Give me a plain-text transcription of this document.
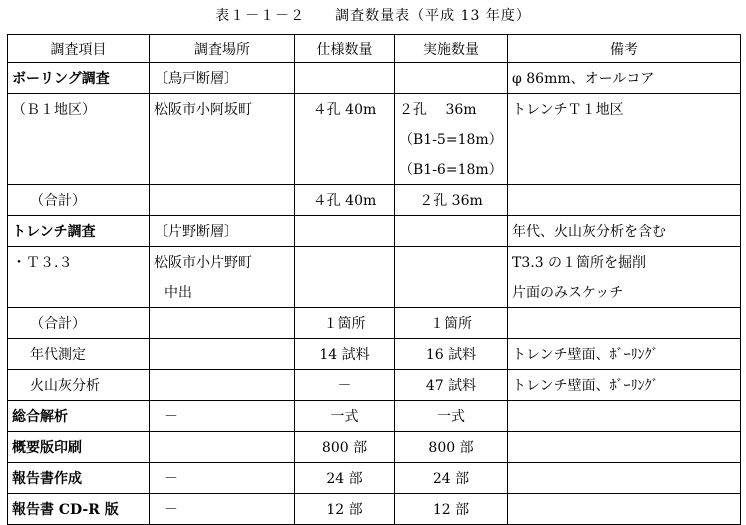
表１－１－２　　調査数量表（平成 13 年度）
調査項目	調査場所	仕様数量	実施数量	備考
ボーリング調査	〔鳥戸断層〕			φ 86mm、オールコア
（Ｂ１地区）	松阪市小阿坂町	４孔 40m	２孔　 36m	トレンチＴ１地区
			（B1-5=18m）	
			（B1-6=18m）	
（合計）		４孔 40m	２孔 36m	
トレンチ調査	〔片野断層〕			年代、火山灰分析を含む
・Ｔ３.３	松阪市小片野町			T3.3 の１箇所を掘削
	中出			片面のみスケッチ
（合計）		１箇所	１箇所	
年代測定		14 試料	16 試料	トレンチ壁面、ﾎﾞｰﾘﾝｸﾞ
火山灰分析		－	47 試料	トレンチ壁面、ﾎﾞｰﾘﾝｸﾞ
総合解析	－	一式	一式	
概要版印刷		800 部	800 部	
報告書作成	－	24 部	24 部	
報告書 CD-R 版	－	12 部	12 部	
